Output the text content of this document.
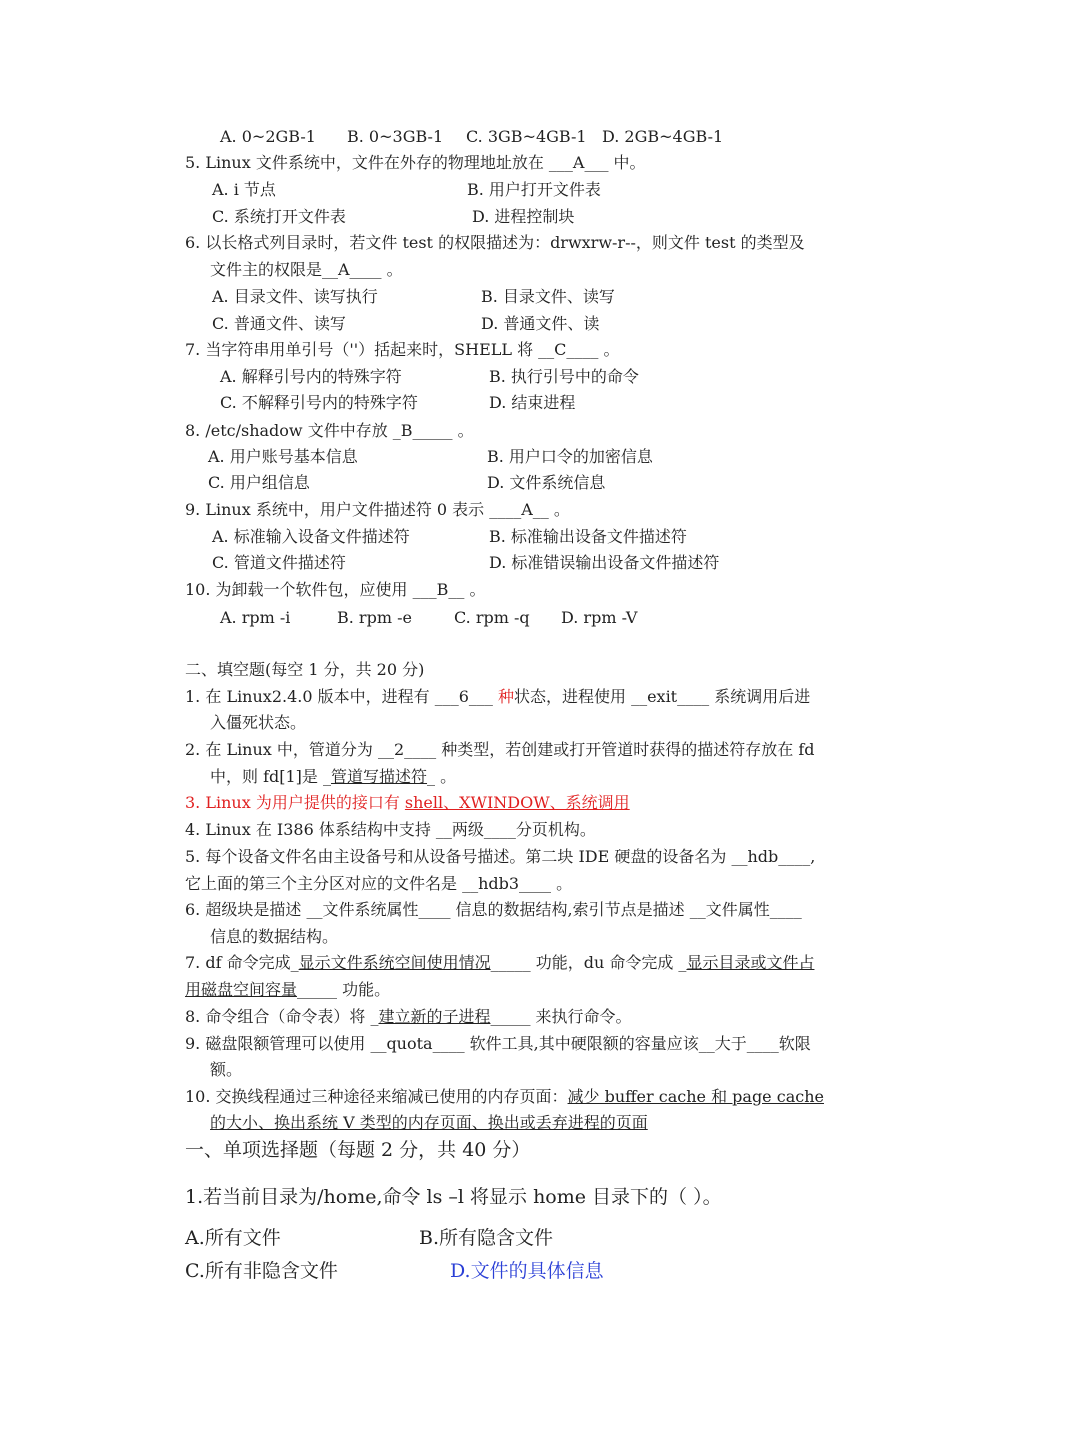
A. 0~2GB-1 B. 0~3GB-1 C. 3GB~4GB-1 D. 2GB~4GB-1
5. Linux 文件系统中，文件在外存的物理地址放在 ___A___ 中。
A. i 节点	B. 用户打开文件表
C. 系统打开文件表	D. 进程控制块
6. 以长格式列目录时，若文件 test 的权限描述为：drwxrw-r--，则文件 test 的类型及
文件主的权限是__A____ 。
A. 目录文件、读写执行	B. 目录文件、读写
C. 普通文件、读写	D. 普通文件、读
7. 当字符串用单引号（''）括起来时，SHELL 将 __C____ 。
A. 解释引号内的特殊字符	B. 执行引号中的命令
C. 不解释引号内的特殊字符	D. 结束进程
8. /etc/shadow 文件中存放 _B_____ 。
A. 用户账号基本信息	B. 用户口令的加密信息
C. 用户组信息	D. 文件系统信息
9. Linux 系统中，用户文件描述符 0 表示 ____A__ 。
A. 标准输入设备文件描述符	B. 标准输出设备文件描述符
C. 管道文件描述符	D. 标准错误输出设备文件描述符
10. 为卸载一个软件包，应使用 ___B__ 。
A. rpm -i	B. rpm -e	C. rpm -q D. rpm -V
二、填空题(每空 1 分，共 20 分)
1. 在 Linux2.4.0 版本中，进程有 ___6___ 种状态，进程使用 __exit____ 系统调用后进
入僵死状态。
2. 在 Linux 中，管道分为 __2____ 种类型，若创建或打开管道时获得的描述符存放在 fd
中，则 fd[1]是 _管道写描述符_ 。
3. Linux 为用户提供的接口有 shell、XWINDOW、系统调用
4. Linux 在 I386 体系结构中支持 __两级____分页机构。
5. 每个设备文件名由主设备号和从设备号描述。第二块 IDE 硬盘的设备名为 __hdb____,
它上面的第三个主分区对应的文件名是 __hdb3____ 。
6. 超级块是描述 __文件系统属性____ 信息的数据结构,索引节点是描述 __文件属性____
信息的数据结构。
7. df 命令完成_显示文件系统空间使用情况_____ 功能，du 命令完成 _显示目录或文件占
用磁盘空间容量_____ 功能。
8. 命令组合（命令表）将 _建立新的子进程_____ 来执行命令。
9. 磁盘限额管理可以使用 __quota____ 软件工具,其中硬限额的容量应该__大于____软限
额。
10. 交换线程通过三种途径来缩减已使用的内存页面：减少 buffer cache 和 page cache
的大小、换出系统 V 类型的内存页面、换出或丢弃进程的页面
一、单项选择题（每题 2 分，共 40 分）
1.若当前目录为/home,命令 ls –l 将显示 home 目录下的（ ）。
A.所有文件	B.所有隐含文件
C.所有非隐含文件	D.文件的具体信息
